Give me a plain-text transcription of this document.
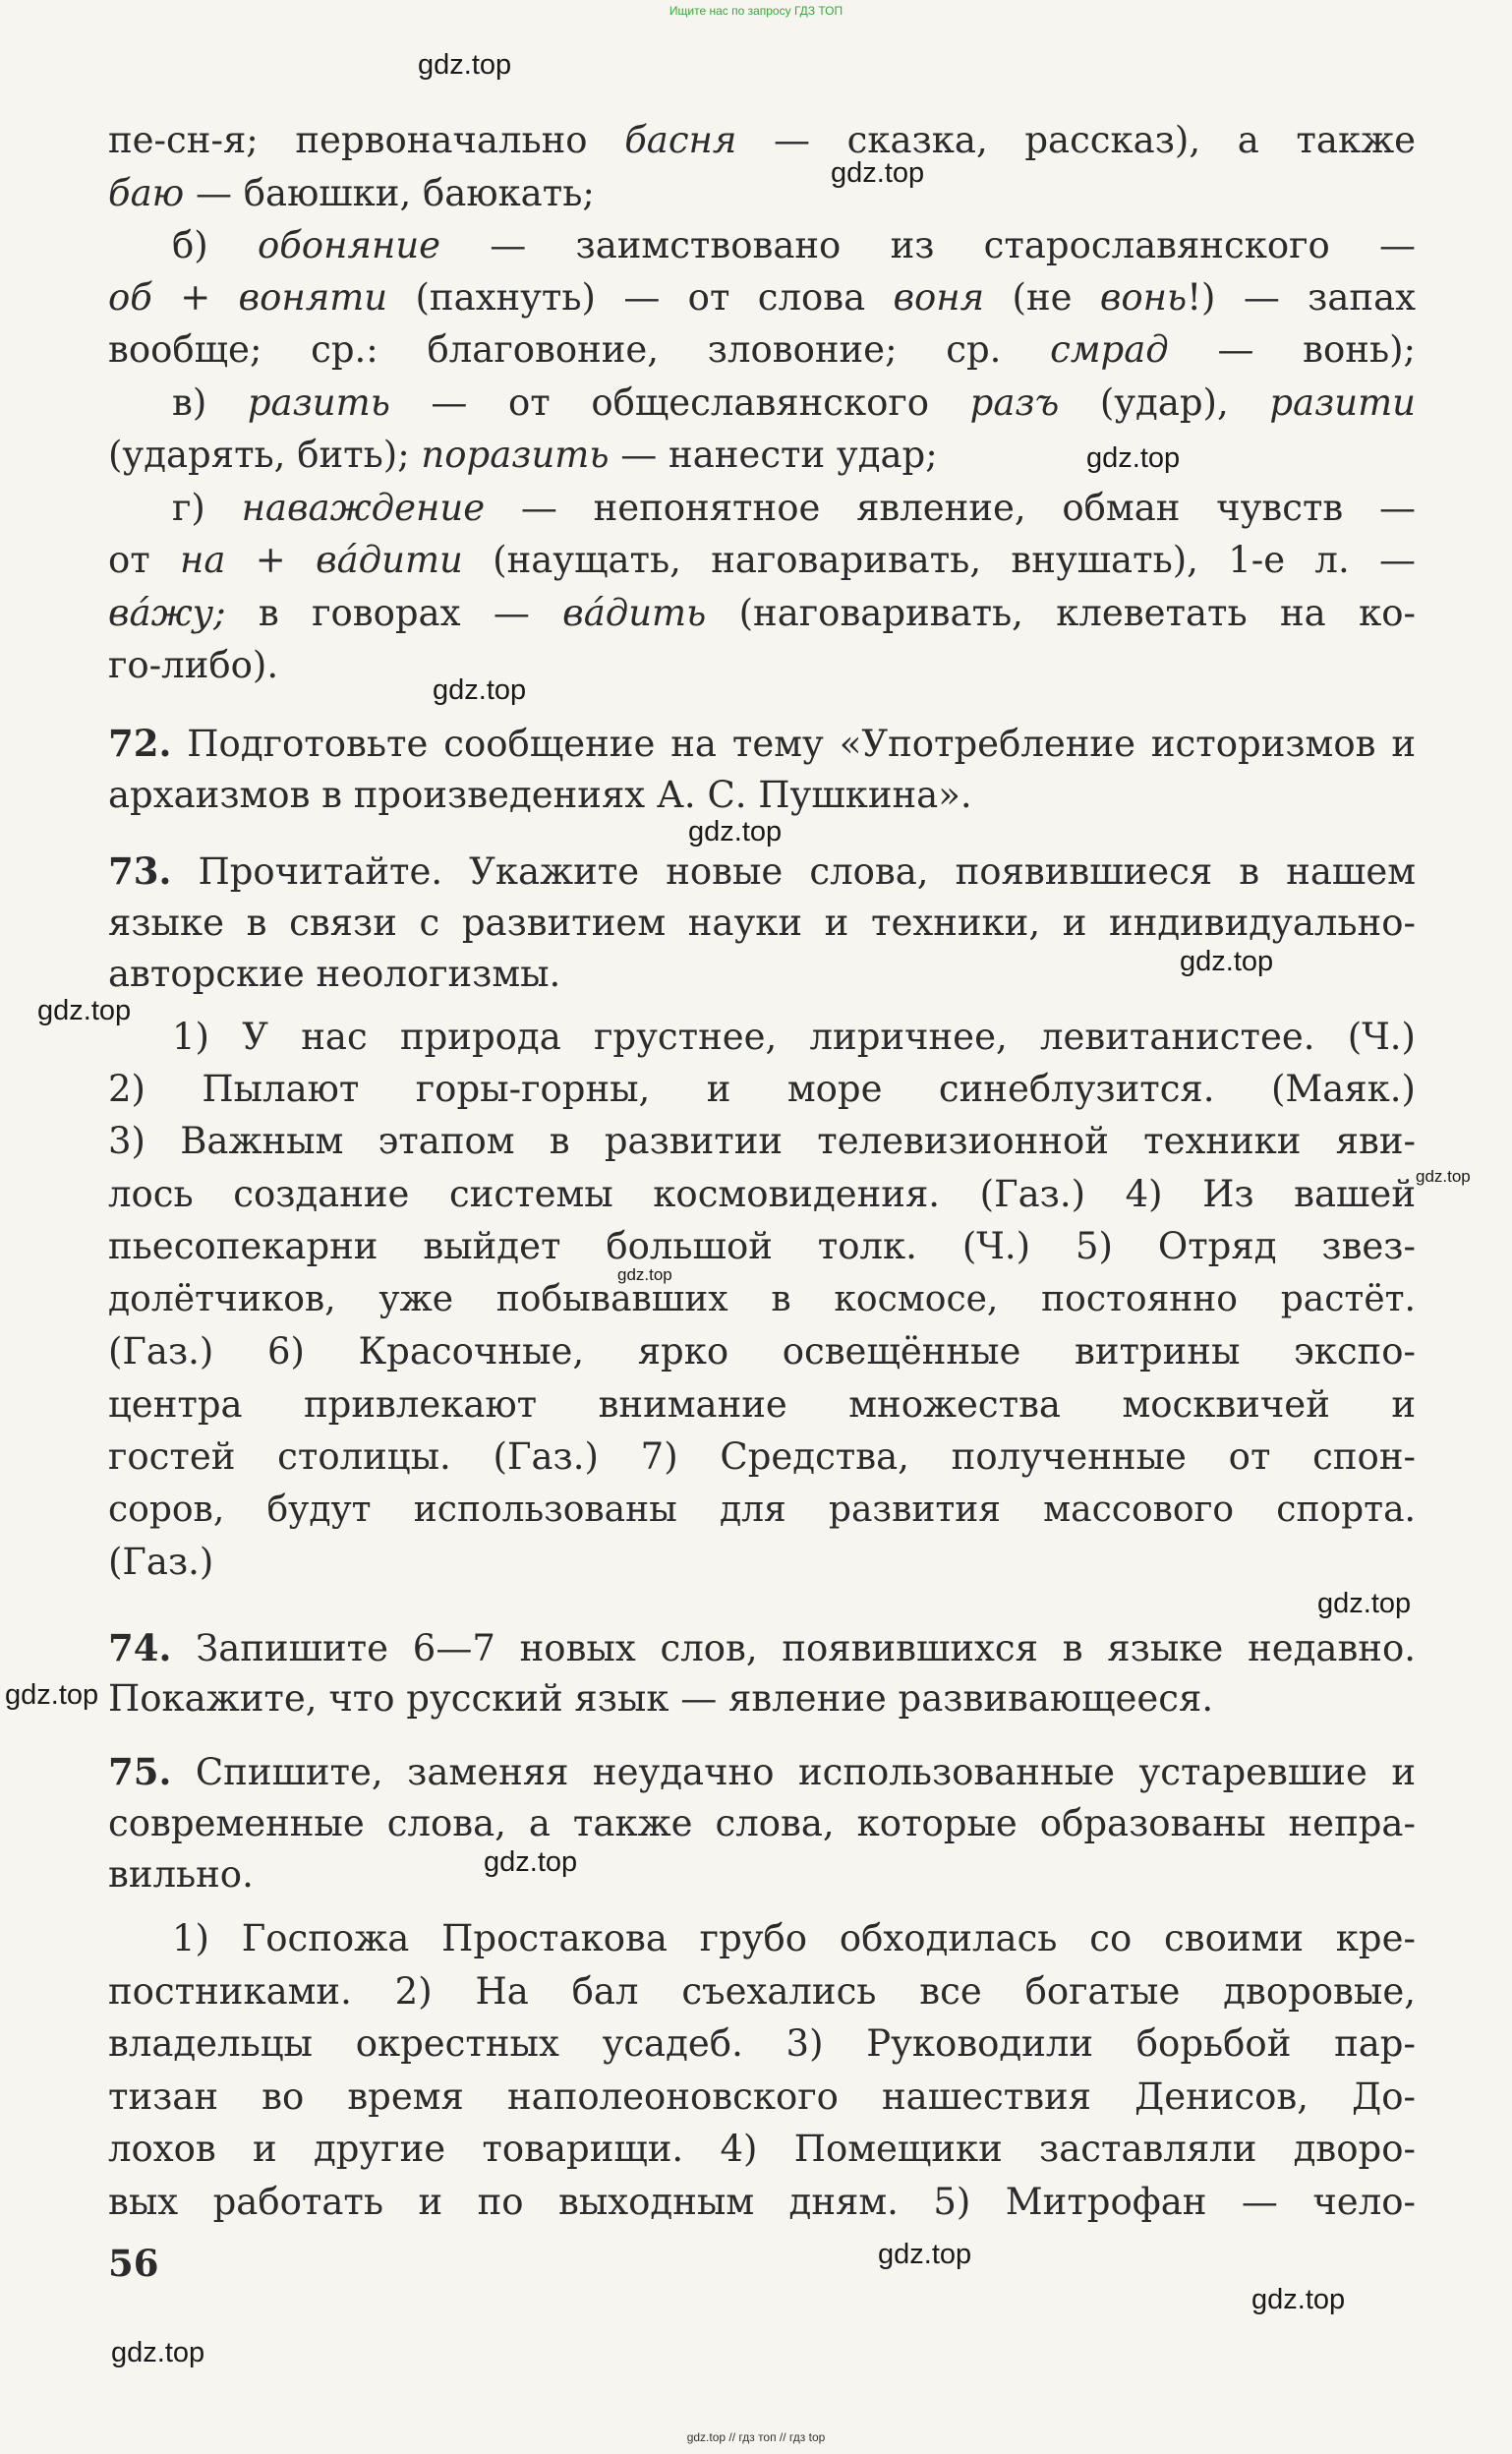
Ищите нас по запросу ГДЗ ТОП
gdz.top
gdz.top
gdz.top
gdz.top
gdz.top
gdz.top
gdz.top
gdz.top
gdz.top
gdz.top
gdz.top
gdz.top
gdz.top
gdz.top
gdz.top
пе-сн-я; первоначально басня — сказка, рассказ), а также
баю — баюшки, баюкать;
б) обоняние — заимствовано из старославянского —
об + воняти (пахнуть) — от слова воня (не вонь!) — запах
вообще; ср.: благовоние, зловоние; ср. смрад — вонь);
в) разить — от общеславянского разъ (удар), разити
(ударять, бить); поразить — нанести удар;
г) наваждение — непонятное явление, обман чувств —
от на + вáдити (наущать, наговаривать, внушать), 1-е л. —
вáжу; в говорах — вáдить (наговаривать, клеветать на ко-
го-либо).
72. Подготовьте сообщение на тему «Употребление историзмов и
архаизмов в произведениях А. С. Пушкина».
73. Прочитайте. Укажите новые слова, появившиеся в нашем
языке в связи с развитием науки и техники, и индивидуально-
авторские неологизмы.
1) У нас природа грустнее, лиричнее, левитанистее. (Ч.)
2) Пылают горы-горны, и море синеблузится. (Маяк.)
3) Важным этапом в развитии телевизионной техники яви-
лось создание системы космовидения. (Газ.) 4) Из вашей
пьесопекарни выйдет большой толк. (Ч.) 5) Отряд звез-
долётчиков, уже побывавших в космосе, постоянно растёт.
(Газ.) 6) Красочные, ярко освещённые витрины экспо-
центра привлекают внимание множества москвичей и
гостей столицы. (Газ.) 7) Средства, полученные от спон-
соров, будут использованы для развития массового спорта.
(Газ.)
74. Запишите 6—7 новых слов, появившихся в языке недавно.
Покажите, что русский язык — явление развивающееся.
75. Спишите, заменяя неудачно использованные устаревшие и
современные слова, а также слова, которые образованы непра-
вильно.
1) Госпожа Простакова грубо обходилась со своими кре-
постниками. 2) На бал съехались все богатые дворовые,
владельцы окрестных усадеб. 3) Руководили борьбой пар-
тизан во время наполеоновского нашествия Денисов, До-
лохов и другие товарищи. 4) Помещики заставляли дворо-
вых работать и по выходным дням. 5) Митрофан — чело-
56
gdz.top // гдз топ // гдз top
